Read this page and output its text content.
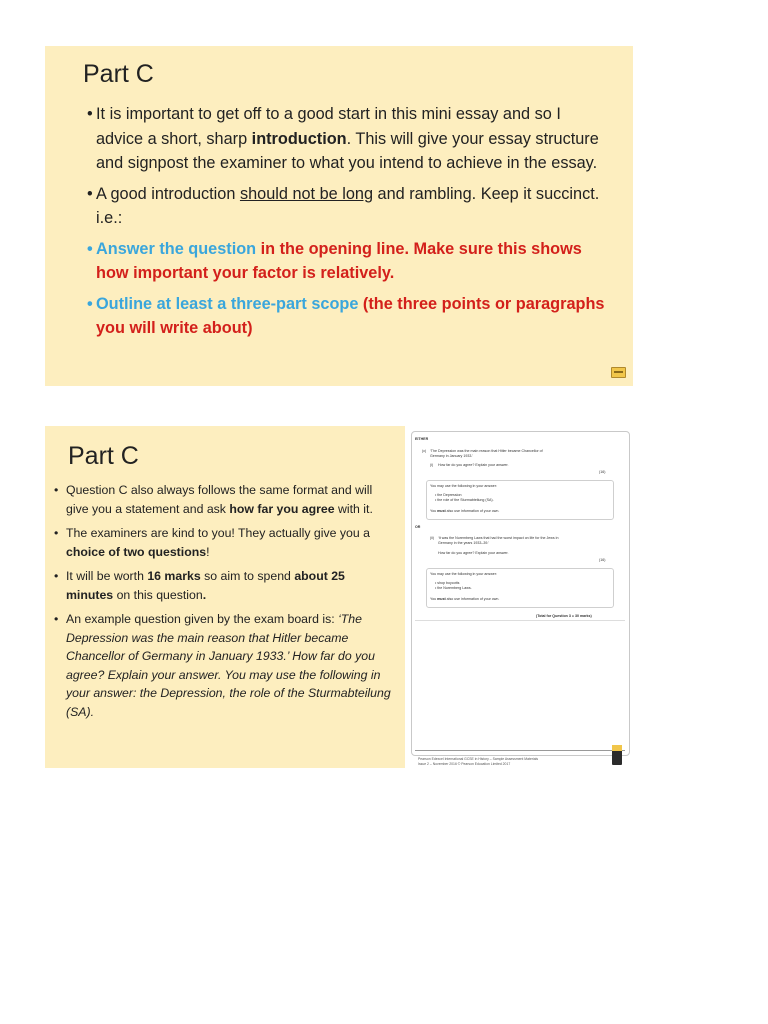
Part C
• It is important to get off to a good start in this mini essay and so I advice a short, sharp introduction. This will give your essay structure and signpost the examiner to what you intend to achieve in the essay.
• A good introduction should not be long and rambling. Keep it succinct. i.e.:
• Answer the question in the opening line. Make sure this shows how important your factor is relatively.
• Outline at least a three-part scope (the three points or paragraphs you will write about)
Part C
• Question C also always follows the same format and will give you a statement and ask how far you agree with it.
• The examiners are kind to you! They actually give you a choice of two questions!
• It will be worth 16 marks so aim to spend about 25 minutes on this question.
• An example question given by the exam board is: ‘The Depression was the main reason that Hitler became Chancellor of Germany in January 1933.’ How far do you agree? Explain your answer. You may use the following in your answer: the Depression, the role of the Sturmabteilung (SA).
EITHER
(c) ‘The Depression was the main reason that Hitler became Chancellor of
Germany in January 1933.’
(i) How far do you agree? Explain your answer.
(16)
You may use the following in your answer:
• the Depression
• the role of the Sturmabteilung (SA).
You must also use information of your own.
OR
(ii) ‘It was the Nuremberg Laws that had the worst impact on life for the Jews in
Germany in the years 1933–39.’
How far do you agree? Explain your answer.
(16)
You may use the following in your answer:
• shop boycotts
• the Nuremberg Laws.
You must also use information of your own.
(Total for Question 3 = 30 marks)
Pearson Edexcel International GCSE in History – Sample Assessment Materials
Issue 2 – November 2016 © Pearson Education Limited 2017
